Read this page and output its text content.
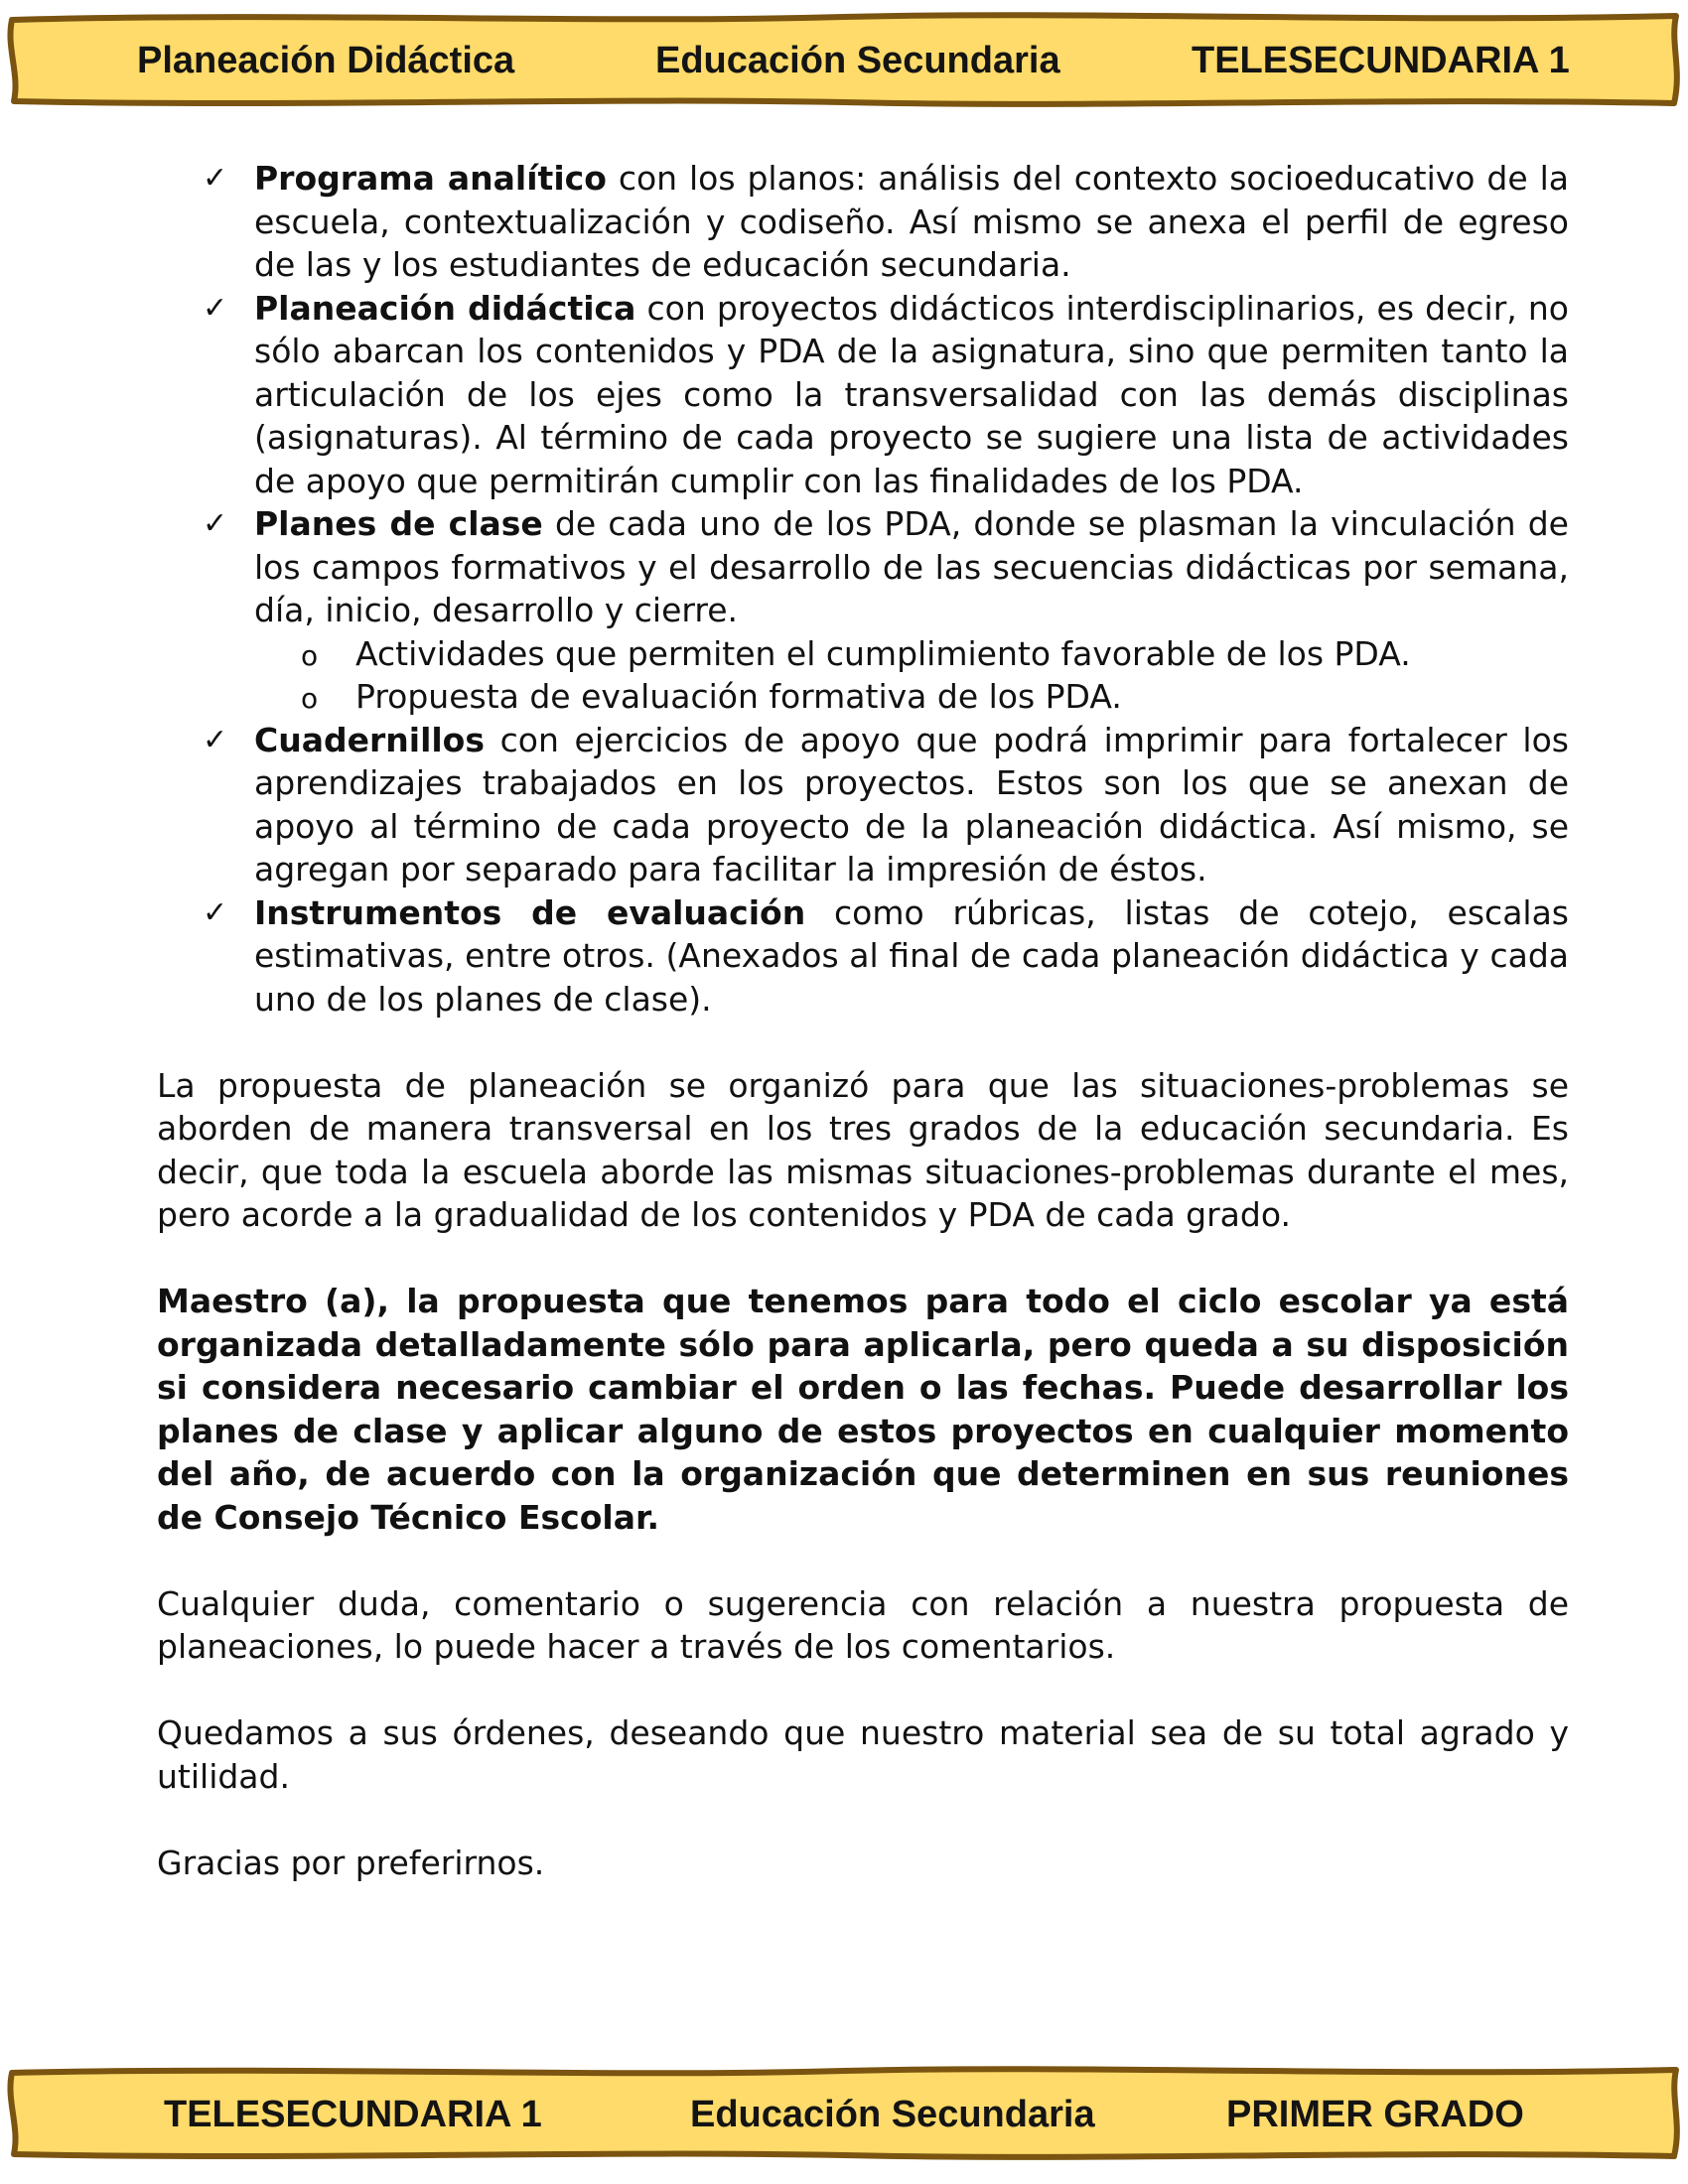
Planeación Didáctica	Educación Secundaria	TELESECUNDARIA 1
✓ Programa analítico con los planos: análisis del contexto socioeducativo de la escuela, contextualización y codiseño. Así mismo se anexa el perfil de egreso de las y los estudiantes de educación secundaria.
✓ Planeación didáctica con proyectos didácticos interdisciplinarios, es decir, no sólo abarcan los contenidos y PDA de la asignatura, sino que permiten tanto la articulación de los ejes como la transversalidad con las demás disciplinas (asignaturas). Al término de cada proyecto se sugiere una lista de actividades de apoyo que permitirán cumplir con las finalidades de los PDA.
✓ Planes de clase de cada uno de los PDA, donde se plasman la vinculación de los campos formativos y el desarrollo de las secuencias didácticas por semana, día, inicio, desarrollo y cierre.
o Actividades que permiten el cumplimiento favorable de los PDA.
o Propuesta de evaluación formativa de los PDA.
✓ Cuadernillos con ejercicios de apoyo que podrá imprimir para fortalecer los aprendizajes trabajados en los proyectos. Estos son los que se anexan de apoyo al término de cada proyecto de la planeación didáctica. Así mismo, se agregan por separado para facilitar la impresión de éstos.
✓ Instrumentos de evaluación como rúbricas, listas de cotejo, escalas estimativas, entre otros. (Anexados al final de cada planeación didáctica y cada uno de los planes de clase).

La propuesta de planeación se organizó para que las situaciones-problemas se aborden de manera transversal en los tres grados de la educación secundaria. Es decir, que toda la escuela aborde las mismas situaciones-problemas durante el mes, pero acorde a la gradualidad de los contenidos y PDA de cada grado.

Maestro (a), la propuesta que tenemos para todo el ciclo escolar ya está organizada detalladamente sólo para aplicarla, pero queda a su disposición si considera necesario cambiar el orden o las fechas. Puede desarrollar los planes de clase y aplicar alguno de estos proyectos en cualquier momento del año, de acuerdo con la organización que determinen en sus reuniones de Consejo Técnico Escolar.

Cualquier duda, comentario o sugerencia con relación a nuestra propuesta de planeaciones, lo puede hacer a través de los comentarios.

Quedamos a sus órdenes, deseando que nuestro material sea de su total agrado y utilidad.

Gracias por preferirnos.

TELESECUNDARIA 1	Educación Secundaria	PRIMER GRADO
